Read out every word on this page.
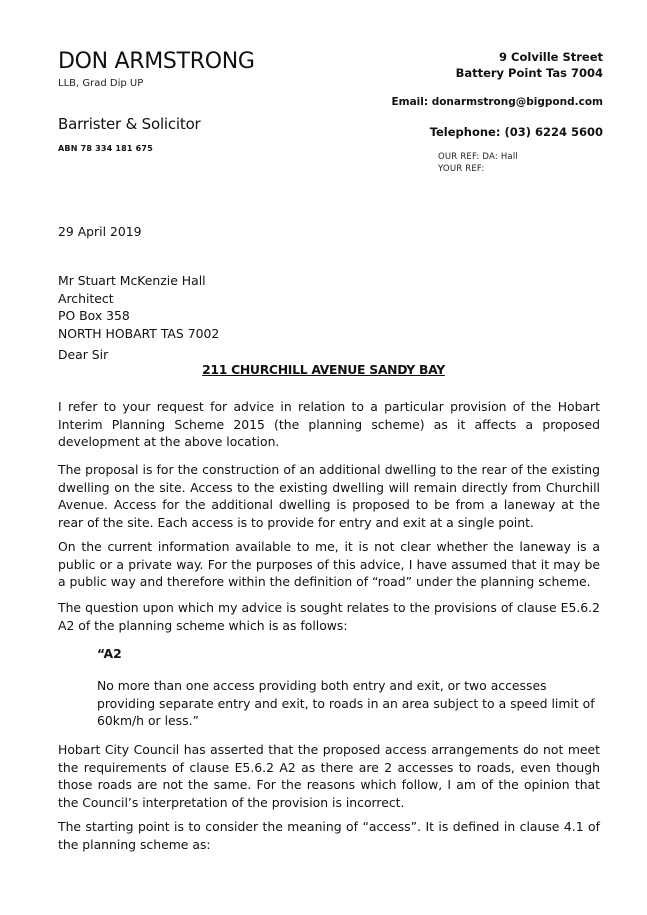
DON ARMSTRONG
LLB, Grad Dip UP
Barrister & Solicitor
ABN 78 334 181 675
9 Colville Street
Battery Point Tas 7004
Email: donarmstrong@bigpond.com
Telephone: (03) 6224 5600
OUR REF: DA: Hall
YOUR REF:
29 April 2019
Mr Stuart McKenzie Hall
Architect
PO Box 358
NORTH HOBART TAS 7002
Dear Sir
211 CHURCHILL AVENUE SANDY BAY
I refer to your request for advice in relation to a particular provision of the Hobart Interim Planning Scheme 2015 (the planning scheme) as it affects a proposed development at the above location.
The proposal is for the construction of an additional dwelling to the rear of the existing dwelling on the site. Access to the existing dwelling will remain directly from Churchill Avenue. Access for the additional dwelling is proposed to be from a laneway at the rear of the site. Each access is to provide for entry and exit at a single point.
On the current information available to me, it is not clear whether the laneway is a public or a private way. For the purposes of this advice, I have assumed that it may be a public way and therefore within the definition of “road” under the planning scheme.
The question upon which my advice is sought relates to the provisions of clause E5.6.2 A2 of the planning scheme which is as follows:
“A2
No more than one access providing both entry and exit, or two accesses providing separate entry and exit, to roads in an area subject to a speed limit of 60km/h or less.”
Hobart City Council has asserted that the proposed access arrangements do not meet the requirements of clause E5.6.2 A2 as there are 2 accesses to roads, even though those roads are not the same. For the reasons which follow, I am of the opinion that the Council’s interpretation of the provision is incorrect.
The starting point is to consider the meaning of “access”. It is defined in clause 4.1 of the planning scheme as:
